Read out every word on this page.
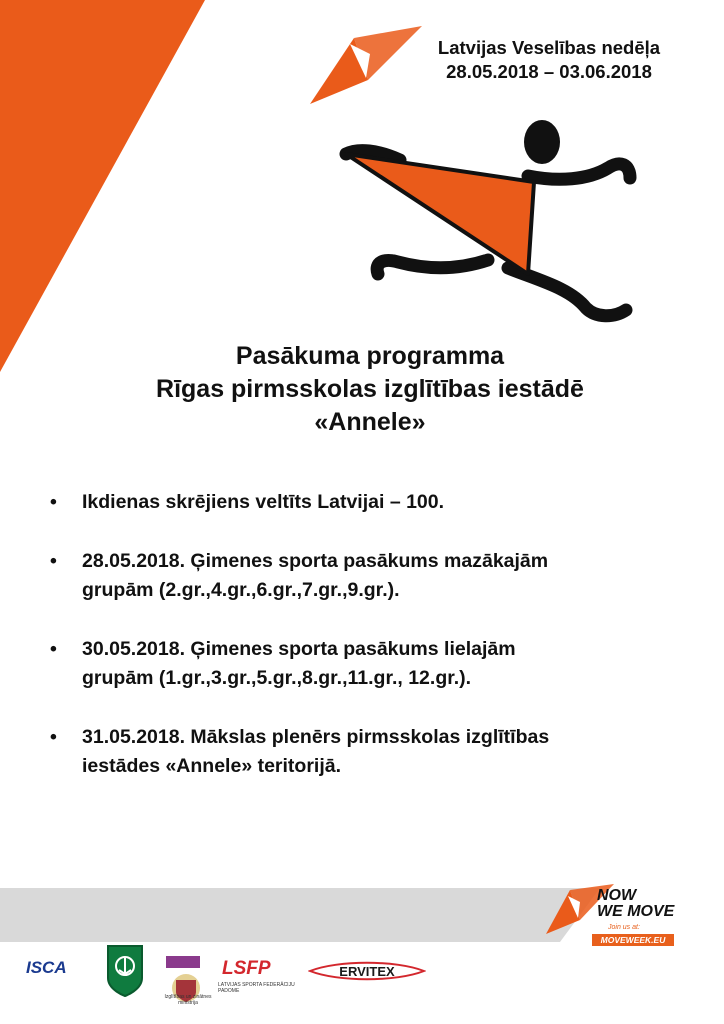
Latvijas Veselības nedēļa
28.05.2018 – 03.06.2018
Pasākuma programma
Rīgas pirmsskolas izglītības iestādē
«Annele»
• Ikdienas skrējiens veltīts Latvijai – 100.
• 28.05.2018. Ģimenes sporta pasākums mazākajām
grupām (2.gr.,4.gr.,6.gr.,7.gr.,9.gr.).
• 30.05.2018. Ģimenes sporta pasākums lielajām
grupām (1.gr.,3.gr.,5.gr.,8.gr.,11.gr., 12.gr.).
• 31.05.2018. Mākslas plenērs pirmsskolas izglītības
iestādes «Annele» teritorijā.
NOW
WE MOVE
Join us at:
MOVEWEEK.EU
ISCA
Izglītības un zinātnes ministrija
LSFP
LATVIJAS SPORTA FEDERĀCIJU PADOME
ERVITEX
